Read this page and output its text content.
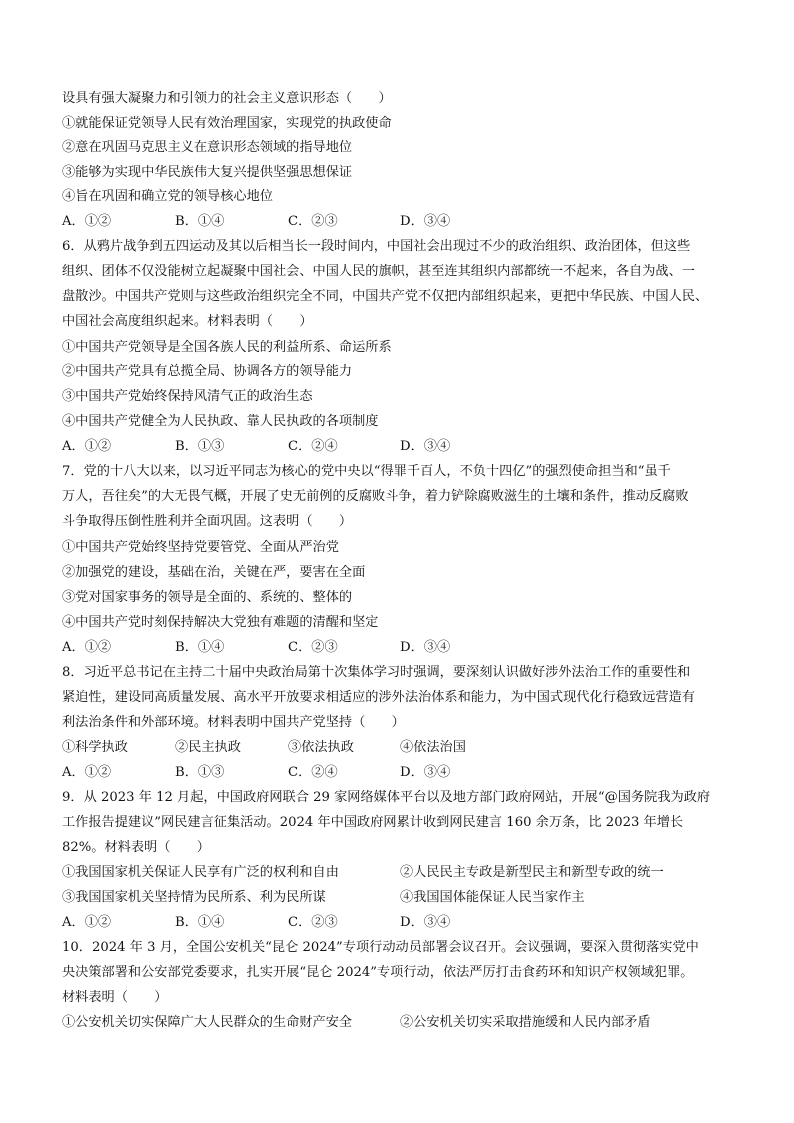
设具有强大凝聚力和引领力的社会主义意识形态（　　）
①就能保证党领导人民有效治理国家，实现党的执政使命
②意在巩固马克思主义在意识形态领域的指导地位
③能够为实现中华民族伟大复兴提供坚强思想保证
④旨在巩固和确立党的领导核心地位
A．①②	B．①④	C．②③	D．③④
6．从鸦片战争到五四运动及其以后相当长一段时间内，中国社会出现过不少的政治组织、政治团体，但这些
组织、团体不仅没能树立起凝聚中国社会、中国人民的旗帜，甚至连其组织内部都统一不起来，各自为战、一
盘散沙。中国共产党则与这些政治组织完全不同，中国共产党不仅把内部组织起来，更把中华民族、中国人民、
中国社会高度组织起来。材料表明（　　）
①中国共产党领导是全国各族人民的利益所系、命运所系
②中国共产党具有总揽全局、协调各方的领导能力
③中国共产党始终保持风清气正的政治生态
④中国共产党健全为人民执政、靠人民执政的各项制度
A．①②	B．①③	C．②④	D．③④
7．党的十八大以来，以习近平同志为核心的党中央以“得罪千百人，不负十四亿”的强烈使命担当和“虽千
万人，吾往矣”的大无畏气概，开展了史无前例的反腐败斗争，着力铲除腐败滋生的土壤和条件，推动反腐败
斗争取得压倒性胜利并全面巩固。这表明（　　）
①中国共产党始终坚持党要管党、全面从严治党
②加强党的建设，基础在治，关键在严，要害在全面
③党对国家事务的领导是全面的、系统的、整体的
④中国共产党时刻保持解决大党独有难题的清醒和坚定
A．①②	B．①④	C．②③	D．③④
8．习近平总书记在主持二十届中央政治局第十次集体学习时强调，要深刻认识做好涉外法治工作的重要性和
紧迫性，建设同高质量发展、高水平开放要求相适应的涉外法治体系和能力，为中国式现代化行稳致远营造有
利法治条件和外部环境。材料表明中国共产党坚持（　　）
①科学执政	②民主执政	③依法执政	④依法治国
A．①②	B．①③	C．②④	D．③④
9．从 2023 年 12 月起，中国政府网联合 29 家网络媒体平台以及地方部门政府网站，开展“@国务院我为政府
工作报告提建议”网民建言征集活动。2024 年中国政府网累计收到网民建言 160 余万条，比 2023 年增长
82%。材料表明（　　）
①我国国家机关保证人民享有广泛的权利和自由	②人民民主专政是新型民主和新型专政的统一
③我国国家机关坚持情为民所系、利为民所谋	④我国国体能保证人民当家作主
A．①②	B．①④	C．②③	D．③④
10．2024 年 3 月，全国公安机关“昆仑 2024”专项行动动员部署会议召开。会议强调，要深入贯彻落实党中
央决策部署和公安部党委要求，扎实开展“昆仑 2024”专项行动，依法严厉打击食药环和知识产权领域犯罪。
材料表明（　　）
①公安机关切实保障广大人民群众的生命财产安全	②公安机关切实采取措施缓和人民内部矛盾
